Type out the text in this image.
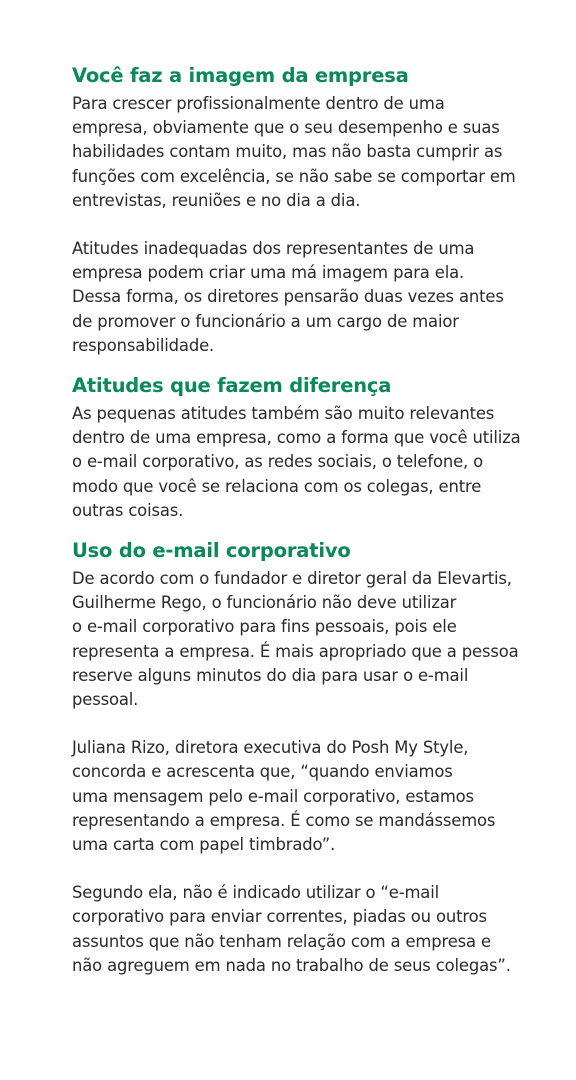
Você faz a imagem da empresa

Para crescer profissionalmente dentro de uma
empresa, obviamente que o seu desempenho e suas
habilidades contam muito, mas não basta cumprir as
funções com excelência, se não sabe se comportar em
entrevistas, reuniões e no dia a dia.

Atitudes inadequadas dos representantes de uma
empresa podem criar uma má imagem para ela.
Dessa forma, os diretores pensarão duas vezes antes
de promover o funcionário a um cargo de maior
responsabilidade.

Atitudes que fazem diferença

As pequenas atitudes também são muito relevantes
dentro de uma empresa, como a forma que você utiliza
o e-mail corporativo, as redes sociais, o telefone, o
modo que você se relaciona com os colegas, entre
outras coisas.

Uso do e-mail corporativo

De acordo com o fundador e diretor geral da Elevartis,
Guilherme Rego, o funcionário não deve utilizar
o e-mail corporativo para fins pessoais, pois ele
representa a empresa. É mais apropriado que a pessoa
reserve alguns minutos do dia para usar o e-mail
pessoal.

Juliana Rizo, diretora executiva do Posh My Style,
concorda e acrescenta que, “quando enviamos
uma mensagem pelo e-mail corporativo, estamos
representando a empresa. É como se mandássemos
uma carta com papel timbrado”.

Segundo ela, não é indicado utilizar o “e-mail
corporativo para enviar correntes, piadas ou outros
assuntos que não tenham relação com a empresa e
não agreguem em nada no trabalho de seus colegas”.
